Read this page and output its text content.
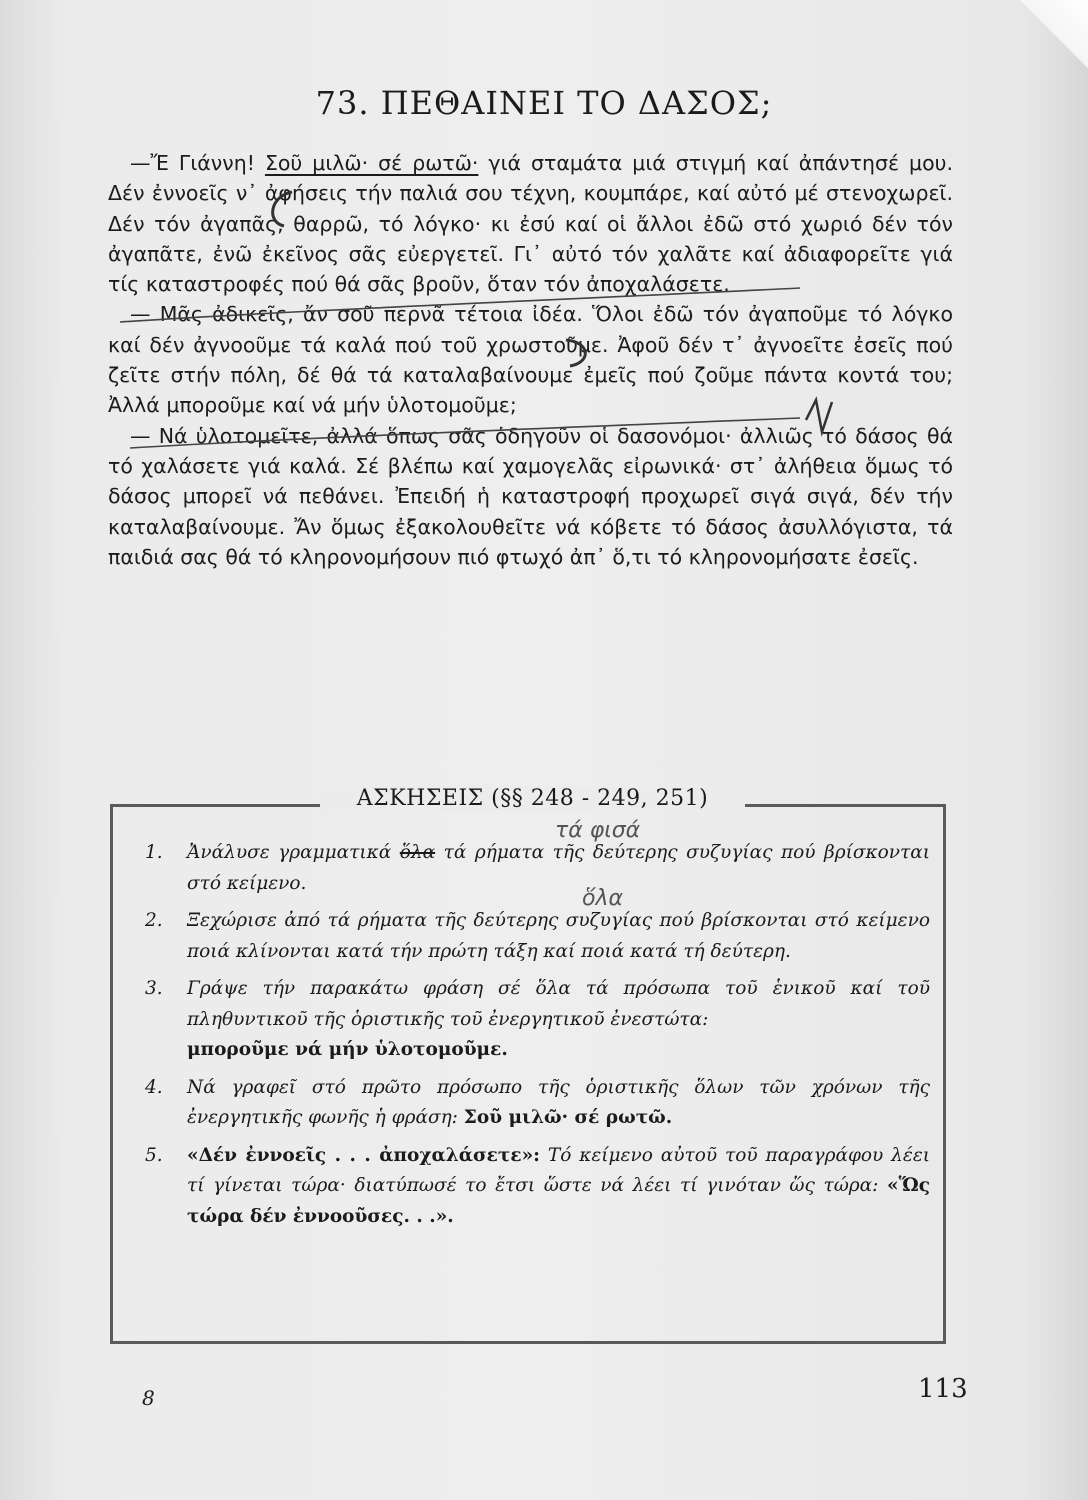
73. ΠΕΘΑΙΝΕΙ ΤΟ ΔΑΣΟΣ;

—Ἔ Γιάννη! Σοῦ μιλῶ· σέ ρωτῶ· γιά σταμάτα μιά στιγμή καί ἀπάντησέ μου. Δέν ἐννοεῖς ν᾽ ἀφήσεις τήν παλιά σου τέχνη, κουμπάρε, καί αὐτό μέ στενοχωρεῖ. Δέν τόν ἀγαπᾶς, θαρρῶ, τό λόγκο· κι ἐσύ καί οἱ ἄλλοι ἐδῶ στό χωριό δέν τόν ἀγαπᾶτε, ἐνῶ ἐκεῖνος σᾶς εὐεργετεῖ. Γι᾽ αὐτό τόν χαλᾶτε καί ἀδιαφορεῖτε γιά τίς καταστροφές πού θά σᾶς βροῦν, ὅταν τόν ἀποχαλάσετε.

— Μᾶς ἀδικεῖς, ἄν σοῦ περνᾶ τέτοια ἰδέα. Ὅλοι ἐδῶ τόν ἀγαποῦμε τό λόγκο καί δέν ἀγνοοῦμε τά καλά πού τοῦ χρωστοῦμε. Ἀφοῦ δέν τ᾽ ἀγνοεῖτε ἐσεῖς πού ζεῖτε στήν πόλη, δέ θά τά καταλαβαίνουμε ἐμεῖς πού ζοῦμε πάντα κοντά του; Ἀλλά μποροῦμε καί νά μήν ὑλοτομοῦμε;

— Νά ὑλοτομεῖτε, ἀλλά ὅπως σᾶς ὁδηγοῦν οἱ δασονόμοι· ἀλλιῶς τό δάσος θά τό χαλάσετε γιά καλά. Σέ βλέπω καί χαμογελᾶς εἰρωνικά· στ᾽ ἀλήθεια ὅμως τό δάσος μπορεῖ νά πεθάνει. Ἐπειδή ἡ καταστροφή προχωρεῖ σιγά σιγά, δέν τήν καταλαβαίνουμε. Ἄν ὅμως ἐξακολουθεῖτε νά κόβετε τό δάσος ἀσυλλόγιστα, τά παιδιά σας θά τό κληρονομήσουν πιό φτωχό ἀπ᾽ ὅ,τι τό κληρονομήσατε ἐσεῖς.

ΑΣΚΗΣΕΙΣ (§§ 248 - 249, 251)
τά φισά
ὅλα
1.	Ἀνάλυσε γραμματικά ὅλα τά ρήματα τῆς δεύτερης συζυγίας πού βρίσκονται στό κείμενο.
2.	Ξεχώρισε ἀπό τά ρήματα τῆς δεύτερης συζυγίας πού βρίσκονται στό κείμενο ποιά κλίνονται κατά τήν πρώτη τάξη καί ποιά κατά τή δεύτερη.
3.	Γράψε τήν παρακάτω φράση σέ ὅλα τά πρόσωπα τοῦ ἑνικοῦ καί τοῦ πληθυντικοῦ τῆς ὁριστικῆς τοῦ ἐνεργητικοῦ ἐνεστώτα:
μποροῦμε νά μήν ὑλοτομοῦμε.
4.	Νά γραφεῖ στό πρῶτο πρόσωπο τῆς ὁριστικῆς ὅλων τῶν χρόνων τῆς ἐνεργητικῆς φωνῆς ἡ φράση: Σοῦ μιλῶ· σέ ρωτῶ.
5.	«Δέν ἐννοεῖς . . . ἀποχαλάσετε»: Τό κείμενο αὐτοῦ τοῦ παραγράφου λέει τί γίνεται τώρα· διατύπωσέ το ἔτσι ὥστε νά λέει τί γινόταν ὥς τώρα: «Ὥς τώρα δέν ἐννοοῦσες. . .».
8	113
